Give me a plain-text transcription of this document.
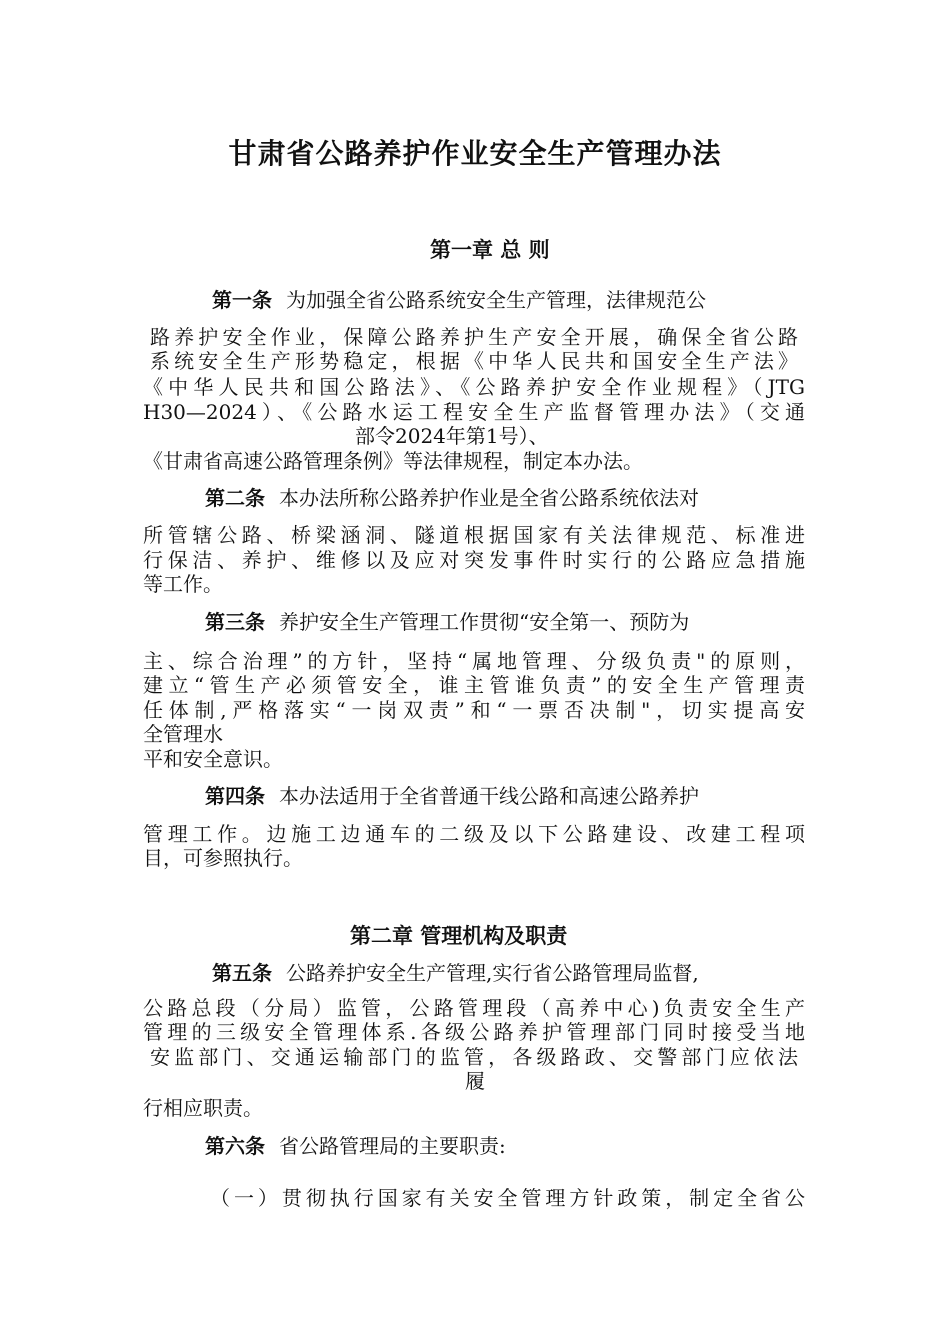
甘肃省公路养护作业安全生产管理办法
第一章 总 则
第一条 为加强全省公路系统安全生产管理，法律规范公
路养护安全作业，保障公路养护生产安全开展，确保全省公路
系统安全生产形势稳定，根据《中华人民共和国安全生产法》
《中华人民共和国公路法》、《公路养护安全作业规程》（JTG
H30—2024）、《公路水运工程安全生产监督管理办法》（交通
部令2024年第1号）、
《甘肃省高速公路管理条例》等法律规程，制定本办法。
第二条 本办法所称公路养护作业是全省公路系统依法对
所管辖公路、桥梁涵洞、隧道根据国家有关法律规范、标准进
行保洁、养护、维修以及应对突发事件时实行的公路应急措施
等工作。
第三条 养护安全生产管理工作贯彻“安全第一、预防为
主、综合治理”的方针，坚持“属地管理、分级负责"的原则，
建立“管生产必须管安全，谁主管谁负责”的安全生产管理责
任体制,严格落实“一岗双责”和“一票否决制"，切实提高安
全管理水
平和安全意识。
第四条 本办法适用于全省普通干线公路和高速公路养护
管理工作。边施工边通车的二级及以下公路建设、改建工程项
目，可参照执行。
第二章 管理机构及职责
第五条 公路养护安全生产管理,实行省公路管理局监督,
公路总段（分局）监管，公路管理段（高养中心)负责安全生产
管理的三级安全管理体系.各级公路养护管理部门同时接受当地
安监部门、交通运输部门的监管，各级路政、交警部门应依法
履
行相应职责。
第六条 省公路管理局的主要职责:
（一）贯彻执行国家有关安全管理方针政策，制定全省公
